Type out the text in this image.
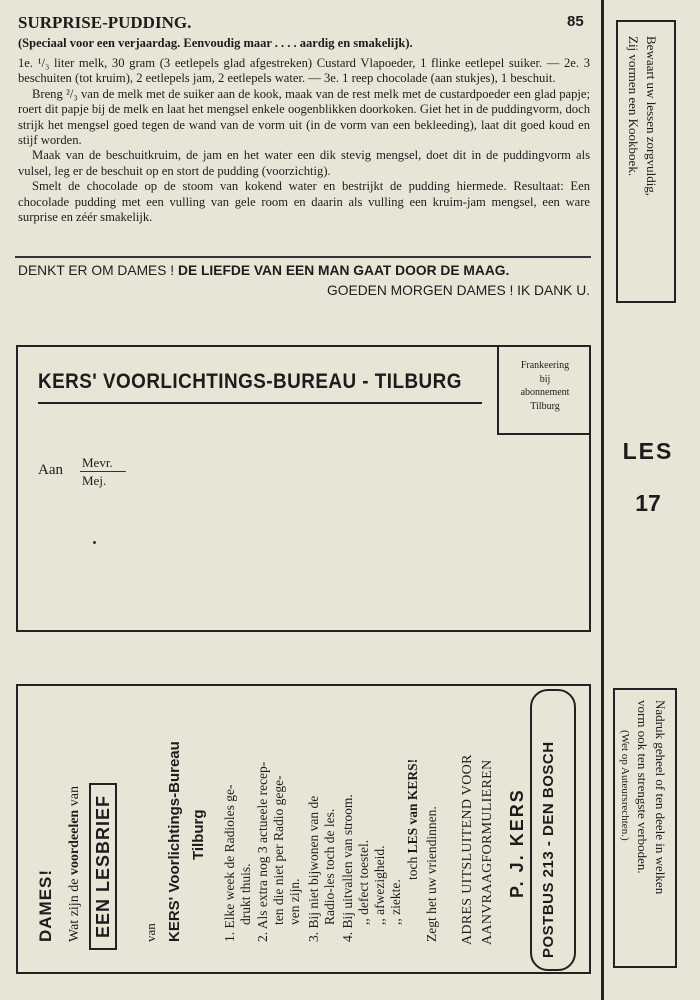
SURPRISE-PUDDING.	85
(Speciaal voor een verjaardag. Eenvoudig maar . . . . aardig en smakelijk).

1e. ¹/₃ liter melk, 30 gram (3 eetlepels glad afgestreken) Custard Vlapoeder, 1 flinke eetlepel suiker. — 2e. 3 beschuiten (tot kruim), 2 eetlepels jam, 2 eetlepels water. — 3e. 1 reep chocolade (aan stukjes), 1 beschuit.

Breng ²/₃ van de melk met de suiker aan de kook, maak van de rest melk met de custardpoeder een glad papje; roert dit papje bij de melk en laat het mengsel enkele oogenblikken doorkoken. Giet het in de puddingvorm, doch strijk het mengsel goed tegen de wand van de vorm uit (in de vorm van een bekleeding), laat dit goed koud en stijf worden.

Maak van de beschuitkruim, de jam en het water een dik stevig mengsel, doet dit in de puddingvorm als vulsel, leg er de beschuit op en stort de pudding (voorzichtig).

Smelt de chocolade op de stoom van kokend water en bestrijkt de pudding hiermede. Resultaat: Een chocolade pudding met een vulling van gele room en daarin als vulling een kruim-jam mengsel, een ware surprise en zéér smakelijk.

DENKT ER OM DAMES ! DE LIEFDE VAN EEN MAN GAAT DOOR DE MAAG.
GOEDEN MORGEN DAMES ! IK DANK U.
Bewaart uw lessen zorgvuldig,
Zij vormen een Kookboek.
LES
17
KERS' VOORLICHTINGS-BUREAU - TILBURG
Frankeering
bij
abonnement
Tilburg
Aan Mevr.
Mej.
DAMES! Wat zijn de voordeelen van EEN LESBRIEF van KERS' Voorlichtings-Bureau Tilburg 1. Elke week de Radioles ge- drukt thuis. 2. Als extra nog 3 actueele recep- ten die niet per Radio gege- ven zijn. 3. Bij niet bijwonen van de Radio-les toch de les. 4. Bij uitvallen van stroom. ,, defect toestel. ,, afwezigheid. ,, ziekte.
toch LES van KERS!
Zegt het uw vriendinnen. ADRES UITSLUITEND VOOR AANVRAAGFORMULIEREN P. J. KERS POSTBUS 213 - DEN BOSCH	Nadruk geheel of ten deele in welken
vorm ook ten strengste verboden.
(Wet op Auteursrechten.)
